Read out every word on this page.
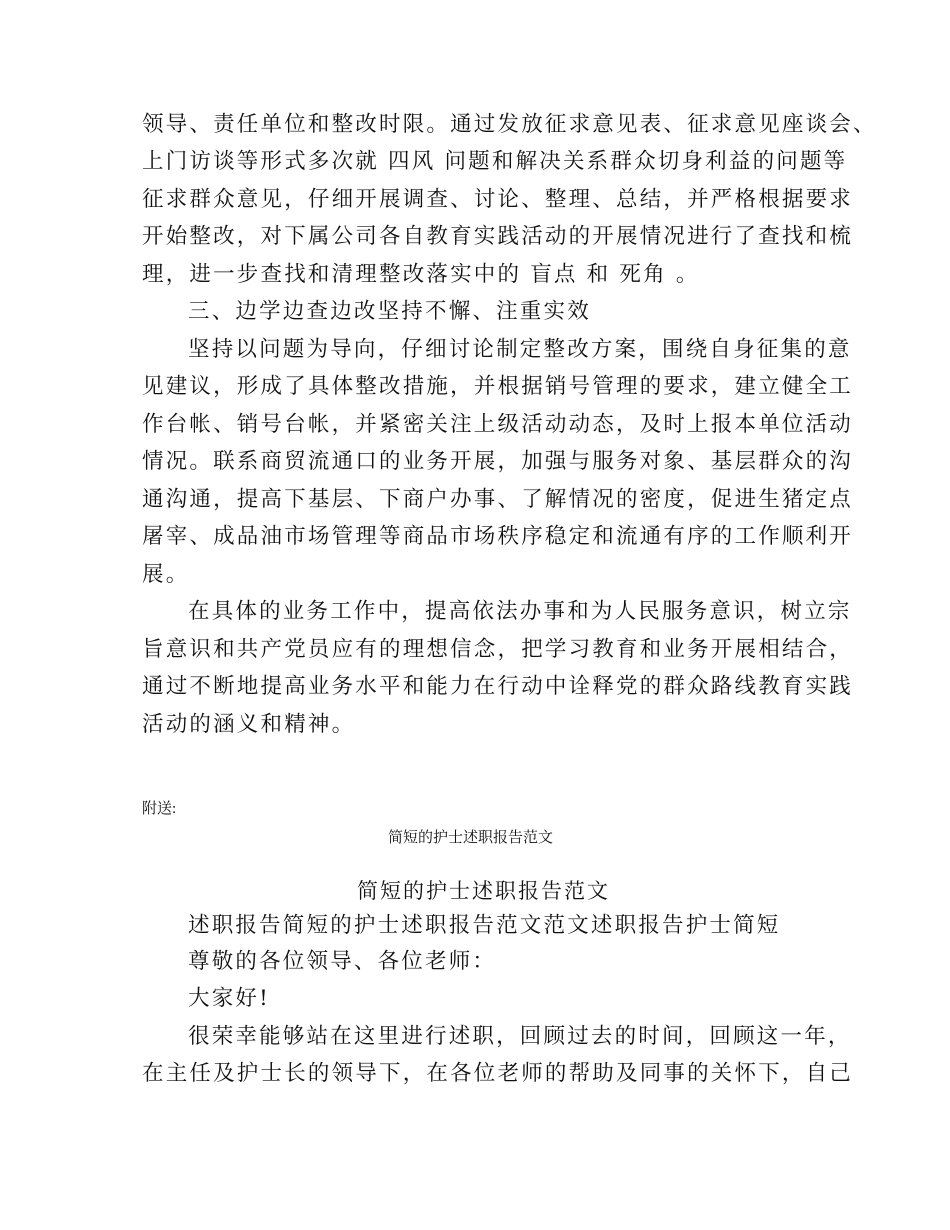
领导、责任单位和整改时限。通过发放征求意见表、征求意见座谈会、
上门访谈等形式多次就 四风 问题和解决关系群众切身利益的问题等
征求群众意见，仔细开展调查、讨论、整理、总结，并严格根据要求
开始整改，对下属公司各自教育实践活动的开展情况进行了查找和梳
理，进一步查找和清理整改落实中的 盲点 和 死角 。
三、边学边查边改坚持不懈、注重实效
坚持以问题为导向，仔细讨论制定整改方案，围绕自身征集的意
见建议，形成了具体整改措施，并根据销号管理的要求，建立健全工
作台帐、销号台帐，并紧密关注上级活动动态，及时上报本单位活动
情况。联系商贸流通口的业务开展，加强与服务对象、基层群众的沟
通沟通，提高下基层、下商户办事、了解情况的密度，促进生猪定点
屠宰、成品油市场管理等商品市场秩序稳定和流通有序的工作顺利开
展。
在具体的业务工作中，提高依法办事和为人民服务意识，树立宗
旨意识和共产党员应有的理想信念，把学习教育和业务开展相结合，
通过不断地提高业务水平和能力在行动中诠释党的群众路线教育实践
活动的涵义和精神。
附送:
简短的护士述职报告范文
简短的护士述职报告范文
述职报告简短的护士述职报告范文范文述职报告护士简短
尊敬的各位领导、各位老师：
大家好!
很荣幸能够站在这里进行述职，回顾过去的时间，回顾这一年，
在主任及护士长的领导下，在各位老师的帮助及同事的关怀下，自己
